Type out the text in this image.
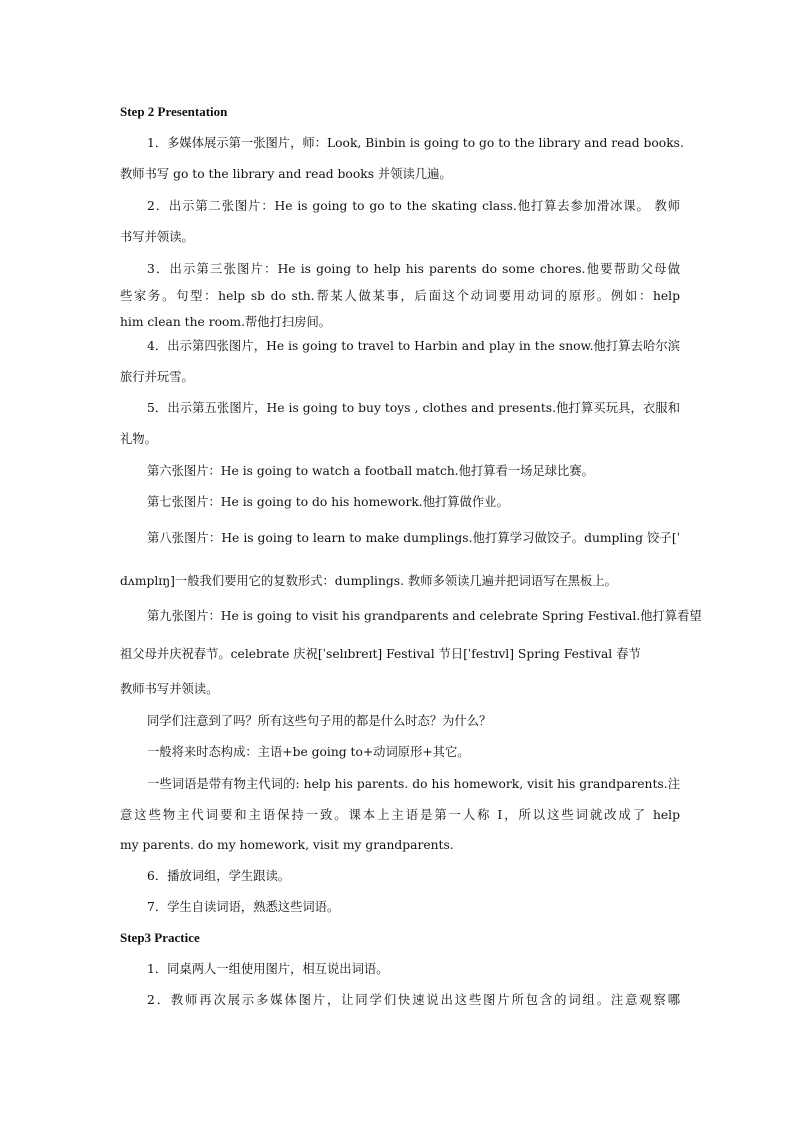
Step 2 Presentation
1．多媒体展示第一张图片，师：Look, Binbin is going to go to the library and read books.
教师书写 go to the library and read books 并领读几遍。
2．出示第二张图片：He is going to go to the skating class.他打算去参加滑冰课。 教师
书写并领读。
3．出示第三张图片：He is going to help his parents do some chores.他要帮助父母做
些家务。句型：help sb do sth.帮某人做某事，后面这个动词要用动词的原形。例如：help
him clean the room.帮他打扫房间。
4．出示第四张图片，He is going to travel to Harbin and play in the snow.他打算去哈尔滨
旅行并玩雪。
5．出示第五张图片，He is going to buy toys , clothes and presents.他打算买玩具，衣服和
礼物。
第六张图片：He is going to watch a football match.他打算看一场足球比赛。
第七张图片：He is going to do his homework.他打算做作业。
第八张图片：He is going to learn to make dumplings.他打算学习做饺子。dumpling 饺子[ˈ
dʌmplɪŋ]一般我们要用它的复数形式：dumplings. 教师多领读几遍并把词语写在黑板上。
第九张图片：He is going to visit his grandparents and celebrate Spring Festival.他打算看望
祖父母并庆祝春节。celebrate 庆祝[ˈselɪbreɪt] Festival 节日[ˈfestɪvl] Spring Festival 春节
教师书写并领读。
同学们注意到了吗？所有这些句子用的都是什么时态？为什么？
一般将来时态构成：主语+be going to+动词原形+其它。
一些词语是带有物主代词的: help his parents. do his homework, visit his grandparents.注
意这些物主代词要和主语保持一致。课本上主语是第一人称 I，所以这些词就改成了 help
my parents. do my homework, visit my grandparents.
6．播放词组，学生跟读。
7．学生自读词语，熟悉这些词语。
Step3 Practice
1．同桌两人一组使用图片，相互说出词语。
2．教师再次展示多媒体图片，让同学们快速说出这些图片所包含的词组。注意观察哪
